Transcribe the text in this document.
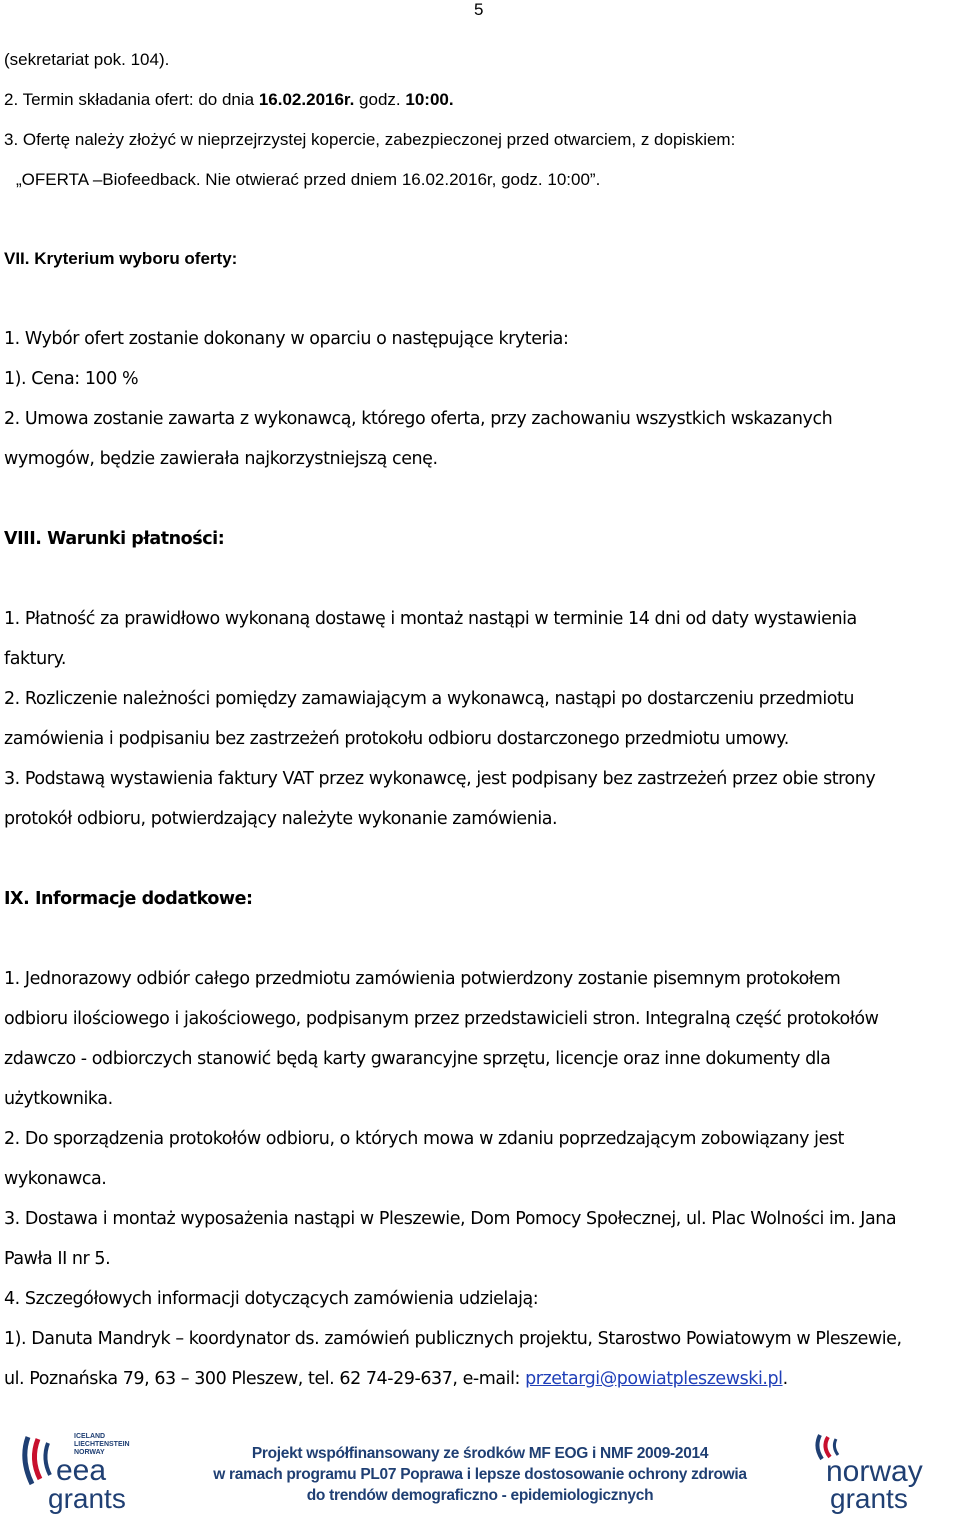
5
(sekretariat pok. 104).
2. Termin składania ofert: do dnia 16.02.2016r. godz. 10:00.
3. Ofertę należy złożyć w nieprzejrzystej kopercie, zabezpieczonej przed otwarciem, z dopiskiem:
„OFERTA –Biofeedback. Nie otwierać przed dniem 16.02.2016r, godz. 10:00”.
VII. Kryterium wyboru oferty:
1. Wybór ofert zostanie dokonany w oparciu o następujące kryteria:
1). Cena: 100 %
2. Umowa zostanie zawarta z wykonawcą, którego oferta, przy zachowaniu wszystkich wskazanych
wymogów, będzie zawierała najkorzystniejszą cenę.
VIII. Warunki płatności:
1. Płatność za prawidłowo wykonaną dostawę i montaż nastąpi w terminie 14 dni od daty wystawienia
faktury.
2. Rozliczenie należności pomiędzy zamawiającym a wykonawcą, nastąpi po dostarczeniu przedmiotu
zamówienia i podpisaniu bez zastrzeżeń protokołu odbioru dostarczonego przedmiotu umowy.
3. Podstawą wystawienia faktury VAT przez wykonawcę, jest podpisany bez zastrzeżeń przez obie strony
protokół odbioru, potwierdzający należyte wykonanie zamówienia.
IX. Informacje dodatkowe:
1. Jednorazowy odbiór całego przedmiotu zamówienia potwierdzony zostanie pisemnym protokołem
odbioru ilościowego i jakościowego, podpisanym przez przedstawicieli stron. Integralną część protokołów
zdawczo - odbiorczych stanowić będą karty gwarancyjne sprzętu, licencje oraz inne dokumenty dla
użytkownika.
2. Do sporządzenia protokołów odbioru, o których mowa w zdaniu poprzedzającym zobowiązany jest
wykonawca.
3. Dostawa i montaż wyposażenia nastąpi w Pleszewie, Dom Pomocy Społecznej, ul. Plac Wolności im. Jana
Pawła II nr 5.
4. Szczegółowych informacji dotyczących zamówienia udzielają:
1). Danuta Mandryk – koordynator ds. zamówień publicznych projektu, Starostwo Powiatowym w Pleszewie,
ul. Poznańska 79, 63 – 300 Pleszew, tel. 62 74-29-637, e-mail: przetargi@powiatpleszewski.pl.
ICELAND
LIECHTENSTEIN
NORWAY
eea
grants
Projekt współfinansowany ze środków MF EOG i NMF 2009-2014
w ramach programu PL07 Poprawa i lepsze dostosowanie ochrony zdrowia
do trendów demograficzno - epidemiologicznych
norway
grants
